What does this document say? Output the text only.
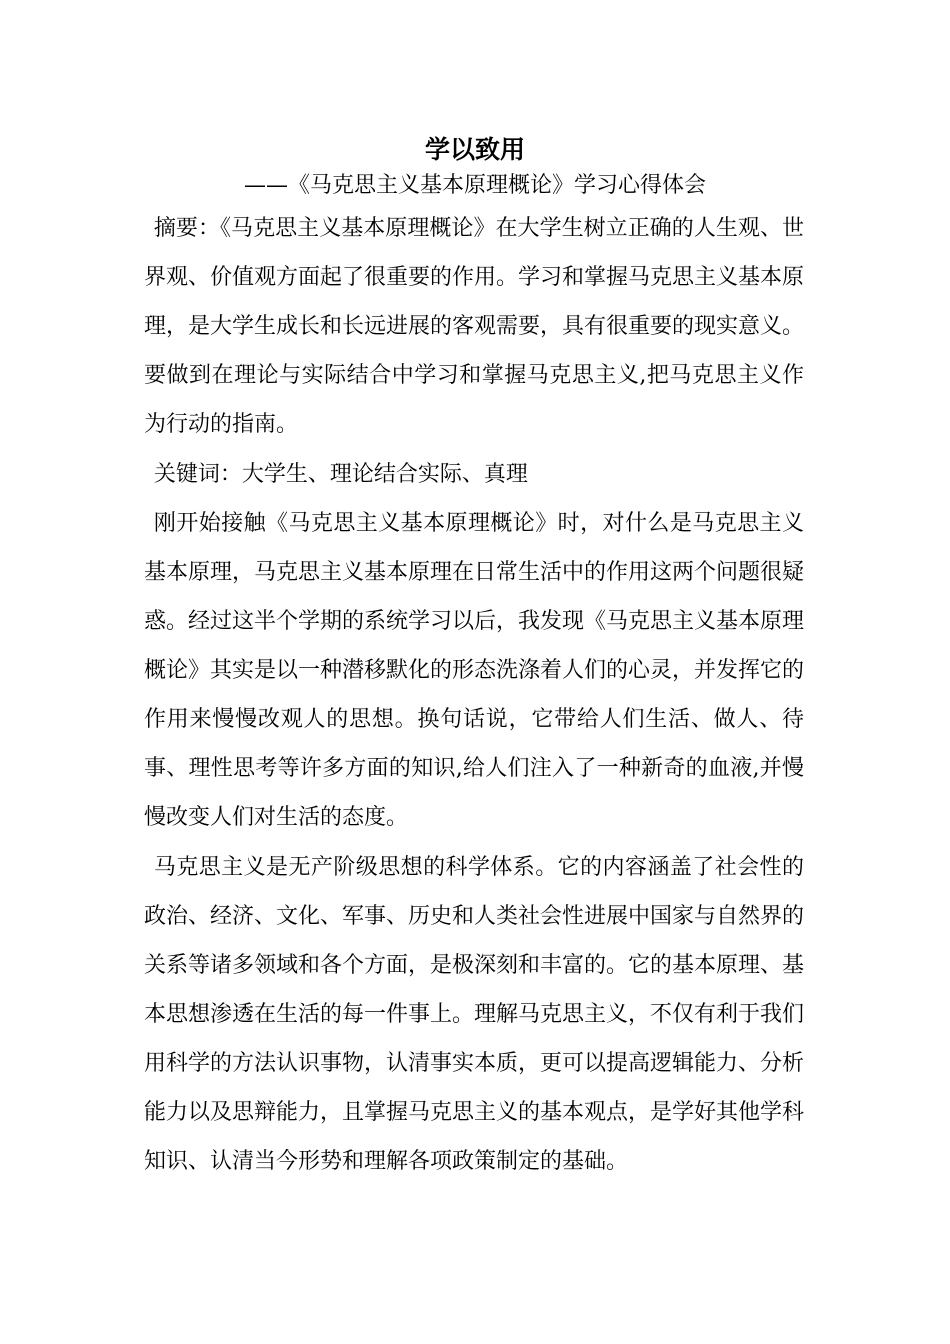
学以致用

——《马克思主义基本原理概论》学习心得体会

摘要：《马克思主义基本原理概论》在大学生树立正确的人生观、世界观、价值观方面起了很重要的作用。学习和掌握马克思主义基本原理，是大学生成长和长远进展的客观需要，具有很重要的现实意义。要做到在理论与实际结合中学习和掌握马克思主义,把马克思主义作为行动的指南。

关键词：大学生、理论结合实际、真理

刚开始接触《马克思主义基本原理概论》时，对什么是马克思主义基本原理，马克思主义基本原理在日常生活中的作用这两个问题很疑惑。经过这半个学期的系统学习以后，我发现《马克思主义基本原理概论》其实是以一种潜移默化的形态洗涤着人们的心灵，并发挥它的作用来慢慢改观人的思想。换句话说，它带给人们生活、做人、待事、理性思考等许多方面的知识,给人们注入了一种新奇的血液,并慢慢改变人们对生活的态度。

马克思主义是无产阶级思想的科学体系。它的内容涵盖了社会性的政治、经济、文化、军事、历史和人类社会性进展中国家与自然界的关系等诸多领域和各个方面，是极深刻和丰富的。它的基本原理、基本思想渗透在生活的每一件事上。理解马克思主义，不仅有利于我们用科学的方法认识事物，认清事实本质，更可以提高逻辑能力、分析能力以及思辩能力，且掌握马克思主义的基本观点，是学好其他学科知识、认清当今形势和理解各项政策制定的基础。
